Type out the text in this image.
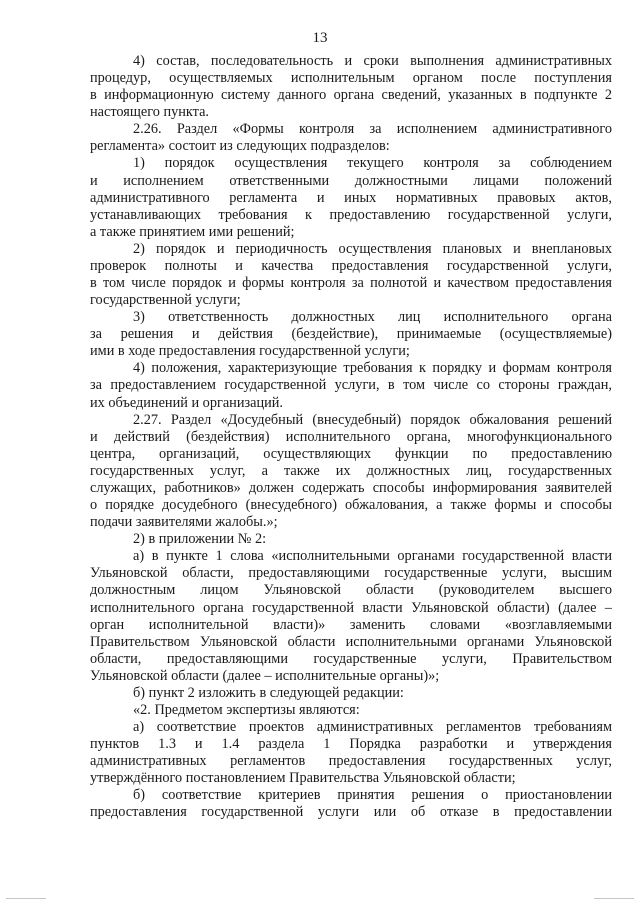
13
4) состав, последовательность и сроки выполнения административных
процедур, осуществляемых исполнительным органом после поступления
в информационную систему данного органа сведений, указанных в подпункте 2
настоящего пункта.
2.26. Раздел «Формы контроля за исполнением административного
регламента» состоит из следующих подразделов:
1) порядок осуществления текущего контроля за соблюдением
и исполнением ответственными должностными лицами положений
административного регламента и иных нормативных правовых актов,
устанавливающих требования к предоставлению государственной услуги,
а также принятием ими решений;
2) порядок и периодичность осуществления плановых и внеплановых
проверок полноты и качества предоставления государственной услуги,
в том числе порядок и формы контроля за полнотой и качеством предоставления
государственной услуги;
3) ответственность должностных лиц исполнительного органа
за решения и действия (бездействие), принимаемые (осуществляемые)
ими в ходе предоставления государственной услуги;
4) положения, характеризующие требования к порядку и формам контроля
за предоставлением государственной услуги, в том числе со стороны граждан,
их объединений и организаций.
2.27. Раздел «Досудебный (внесудебный) порядок обжалования решений
и действий (бездействия) исполнительного органа, многофункционального
центра, организаций, осуществляющих функции по предоставлению
государственных услуг, а также их должностных лиц, государственных
служащих, работников» должен содержать способы информирования заявителей
о порядке досудебного (внесудебного) обжалования, а также формы и способы
подачи заявителями жалобы.»;
2) в приложении № 2:
а) в пункте 1 слова «исполнительными органами государственной власти
Ульяновской области, предоставляющими государственные услуги, высшим
должностным лицом Ульяновской области (руководителем высшего
исполнительного органа государственной власти Ульяновской области) (далее –
орган исполнительной власти)» заменить словами «возглавляемыми
Правительством Ульяновской области исполнительными органами Ульяновской
области, предоставляющими государственные услуги, Правительством
Ульяновской области (далее – исполнительные органы)»;
б) пункт 2 изложить в следующей редакции:
«2. Предметом экспертизы являются:
а) соответствие проектов административных регламентов требованиям
пунктов 1.3 и 1.4 раздела 1 Порядка разработки и утверждения
административных регламентов предоставления государственных услуг,
утверждённого постановлением Правительства Ульяновской области;
б) соответствие критериев принятия решения о приостановлении
предоставления государственной услуги или об отказе в предоставлении
